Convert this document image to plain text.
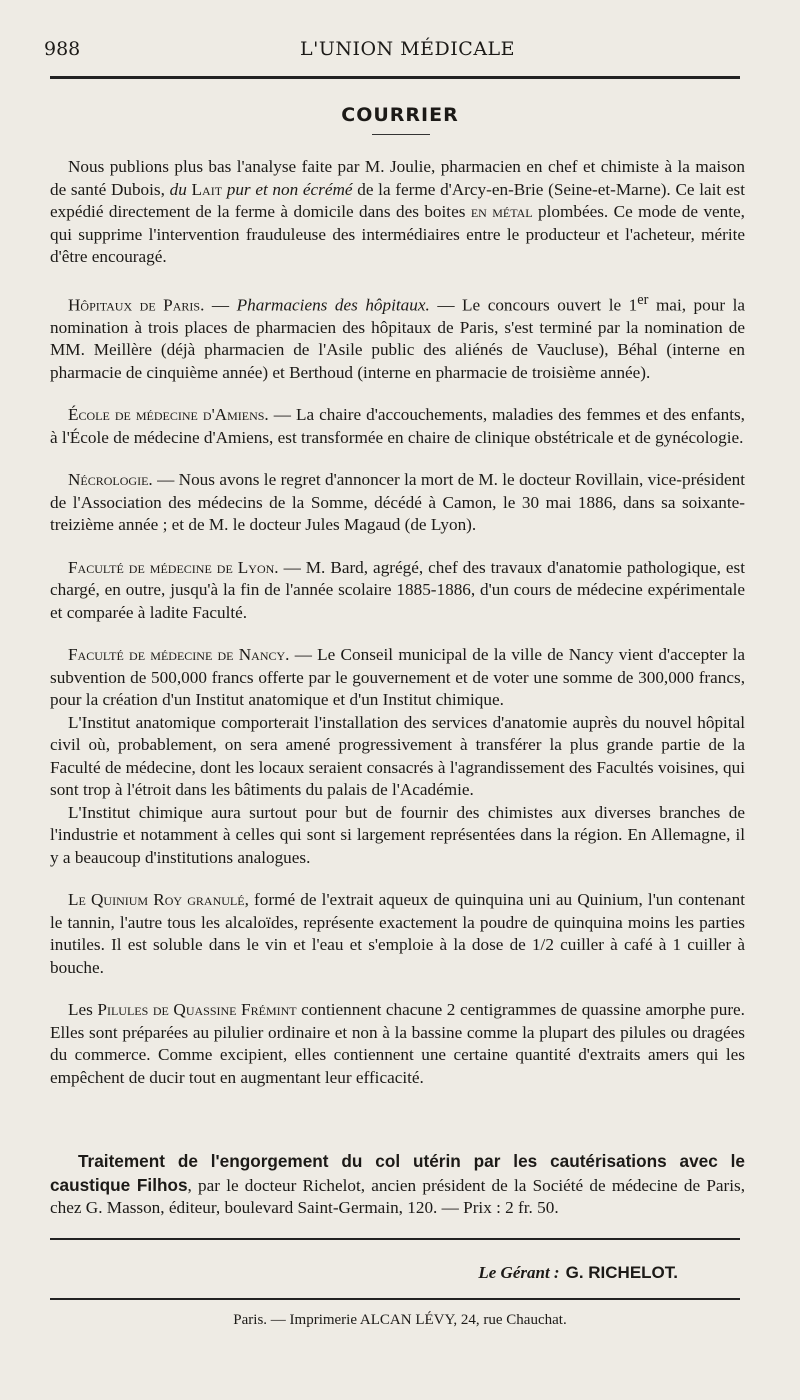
988	L'UNION MÉDICALE
COURRIER

Nous publions plus bas l'analyse faite par M. Joulie, pharmacien en chef et chimiste à la maison de santé Dubois, du Lait pur et non écrémé de la ferme d'Arcy-en-Brie (Seine-et-Marne). Ce lait est expédié directement de la ferme à domicile dans des boites en métal plombées. Ce mode de vente, qui supprime l'intervention frauduleuse des intermédiaires entre le producteur et l'acheteur, mérite d'être encouragé.

Hôpitaux de Paris. — Pharmaciens des hôpitaux. — Le concours ouvert le 1er mai, pour la nomination à trois places de pharmacien des hôpitaux de Paris, s'est terminé par la nomination de MM. Meillère (déjà pharmacien de l'Asile public des aliénés de Vaucluse), Béhal (interne en pharmacie de cinquième année) et Berthoud (interne en pharmacie de troisième année).

École de médecine d'Amiens. — La chaire d'accouchements, maladies des femmes et des enfants, à l'École de médecine d'Amiens, est transformée en chaire de clinique obstétricale et de gynécologie.

Nécrologie. — Nous avons le regret d'annoncer la mort de M. le docteur Rovillain, vice-président de l'Association des médecins de la Somme, décédé à Camon, le 30 mai 1886, dans sa soixante-treizième année ; et de M. le docteur Jules Magaud (de Lyon).

Faculté de médecine de Lyon. — M. Bard, agrégé, chef des travaux d'anatomie pathologique, est chargé, en outre, jusqu'à la fin de l'année scolaire 1885-1886, d'un cours de médecine expérimentale et comparée à ladite Faculté.

Faculté de médecine de Nancy. — Le Conseil municipal de la ville de Nancy vient d'accepter la subvention de 500,000 francs offerte par le gouvernement et de voter une somme de 300,000 francs, pour la création d'un Institut anatomique et d'un Institut chimique.

L'Institut anatomique comporterait l'installation des services d'anatomie auprès du nouvel hôpital civil où, probablement, on sera amené progressivement à transférer la plus grande partie de la Faculté de médecine, dont les locaux seraient consacrés à l'agrandissement des Facultés voisines, qui sont trop à l'étroit dans les bâtiments du palais de l'Académie.

L'Institut chimique aura surtout pour but de fournir des chimistes aux diverses branches de l'industrie et notamment à celles qui sont si largement représentées dans la région. En Allemagne, il y a beaucoup d'institutions analogues.

Le Quinium Roy granulé, formé de l'extrait aqueux de quinquina uni au Quinium, l'un contenant le tannin, l'autre tous les alcaloïdes, représente exactement la poudre de quinquina moins les parties inutiles. Il est soluble dans le vin et l'eau et s'emploie à la dose de 1/2 cuiller à café à 1 cuiller à bouche.

Les Pilules de Quassine Frémint contiennent chacune 2 centigrammes de quassine amorphe pure. Elles sont préparées au pilulier ordinaire et non à la bassine comme la plupart des pilules ou dragées du commerce. Comme excipient, elles contiennent une certaine quantité d'extraits amers qui les empêchent de ducir tout en augmentant leur efficacité.

Traitement de l'engorgement du col utérin par les cautérisations avec le caustique Filhos, par le docteur Richelot, ancien président de la Société de médecine de Paris, chez G. Masson, éditeur, boulevard Saint-Germain, 120. — Prix : 2 fr. 50.

Le Gérant : G. RICHELOT.
Paris. — Imprimerie ALCAN LÉVY, 24, rue Chauchat.
